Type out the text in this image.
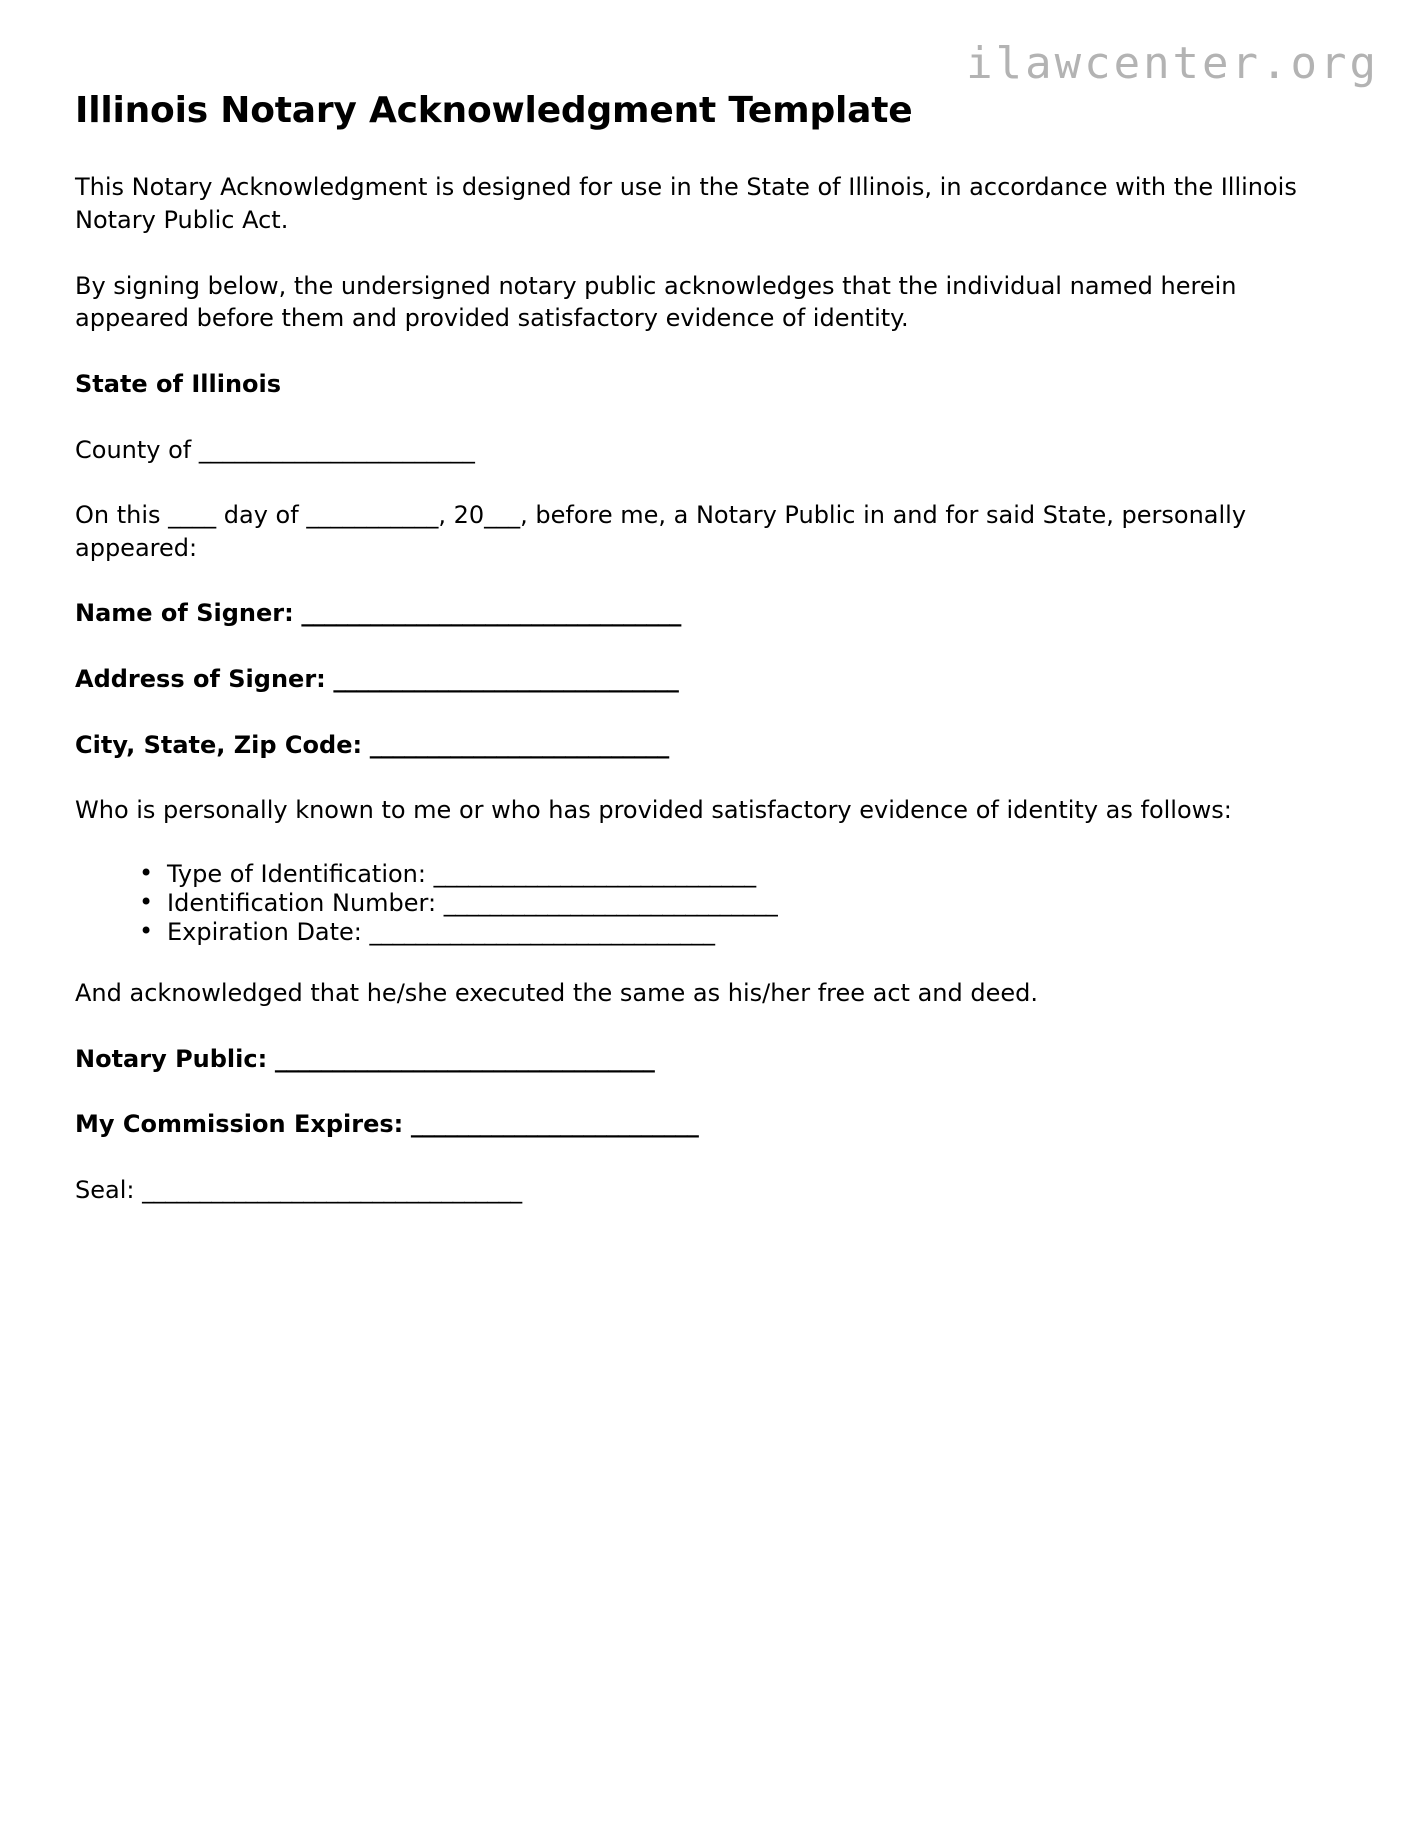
ilawcenter.org
Illinois Notary Acknowledgment Template

This Notary Acknowledgment is designed for use in the State of Illinois, in accordance with the Illinois Notary Public Act.

By signing below, the undersigned notary public acknowledges that the individual named herein appeared before them and provided satisfactory evidence of identity.

State of Illinois
County of _______________________

On this ____ day of ___________, 20___, before me, a Notary Public in and for said State, personally appeared:

Name of Signer: _________________________________
Address of Signer: ______________________________
City, State, Zip Code: __________________________

Who is personally known to me or who has provided satisfactory evidence of identity as follows:

• Type of Identification: ____________________________
• Identification Number: _____________________________
• Expiration Date: ______________________________

And acknowledged that he/she executed the same as his/her free act and deed.

Notary Public: _________________________________
My Commission Expires: _________________________
Seal: _________________________________
